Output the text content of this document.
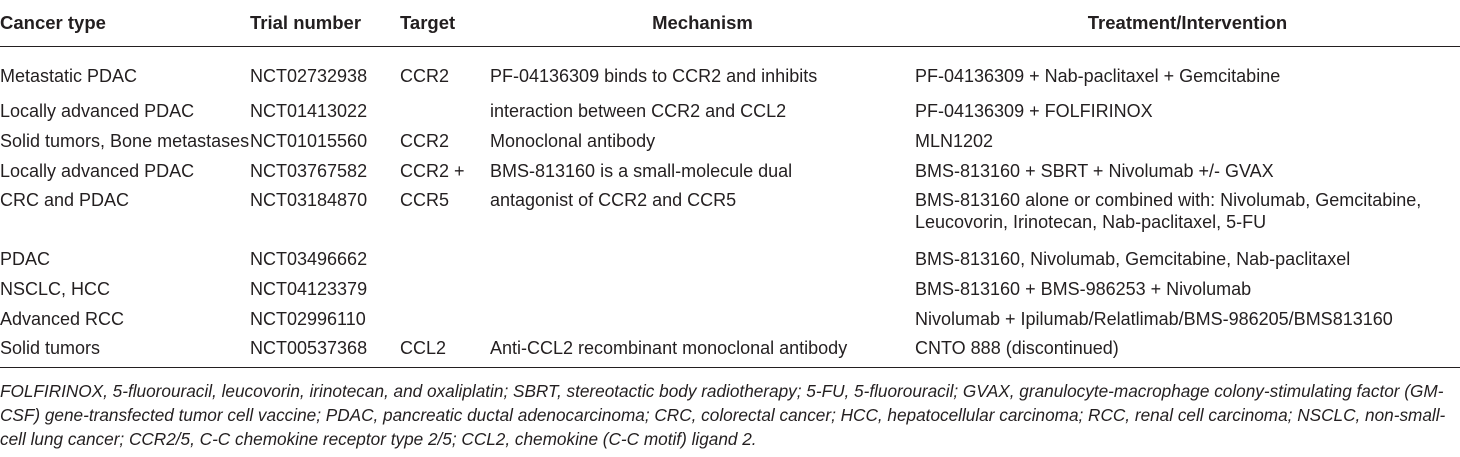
Cancer type	Trial number	Target	Mechanism	Treatment/Intervention

Metastatic PDAC	NCT02732938	CCR2	PF-04136309 binds to CCR2 and inhibits	PF-04136309 + Nab-paclitaxel + Gemcitabine

Locally advanced PDAC	NCT01413022		interaction between CCR2 and CCL2	PF-04136309 + FOLFIRINOX

Solid tumors, Bone metastases	NCT01015560	CCR2	Monoclonal antibody	MLN1202

Locally advanced PDAC	NCT03767582	CCR2 +	BMS-813160 is a small-molecule dual	BMS-813160 + SBRT + Nivolumab +/- GVAX

CRC and PDAC	NCT03184870	CCR5	antagonist of CCR2 and CCR5	BMS-813160 alone or combined with: Nivolumab, Gemcitabine, Leucovorin, Irinotecan, Nab-paclitaxel, 5-FU

PDAC	NCT03496662			BMS-813160, Nivolumab, Gemcitabine, Nab-paclitaxel

NSCLC, HCC	NCT04123379			BMS-813160 + BMS-986253 + Nivolumab

Advanced RCC	NCT02996110			Nivolumab + Ipilumab/Relatlimab/BMS-986205/BMS813160

Solid tumors	NCT00537368	CCL2	Anti-CCL2 recombinant monoclonal antibody	CNTO 888 (discontinued)

FOLFIRINOX, 5-fluorouracil, leucovorin, irinotecan, and oxaliplatin; SBRT, stereotactic body radiotherapy; 5-FU, 5-fluorouracil; GVAX, granulocyte-macrophage colony-stimulating factor (GM-CSF) gene-transfected tumor cell vaccine; PDAC, pancreatic ductal adenocarcinoma; CRC, colorectal cancer; HCC, hepatocellular carcinoma; RCC, renal cell carcinoma; NSCLC, non-small-cell lung cancer; CCR2/5, C-C chemokine receptor type 2/5; CCL2, chemokine (C-C motif) ligand 2.
